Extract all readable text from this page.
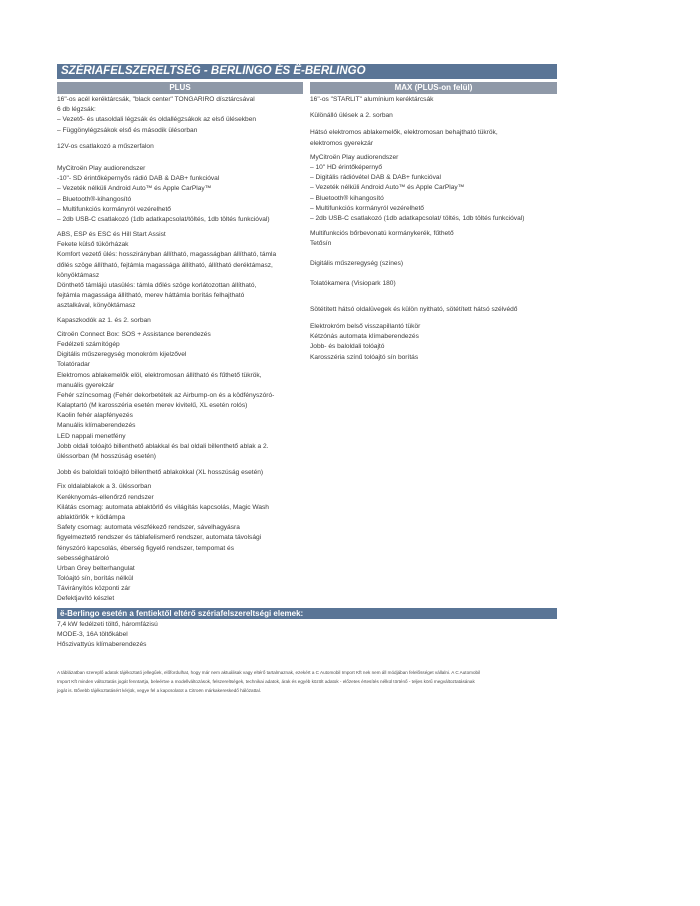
SZÉRIAFELSZERELTSÉG - BERLINGO ÉS Ë-BERLINGO
PLUS	MAX (PLUS-on felül)
16"-os acél keréktárcsák, "black center" TONGARIRO dísztárcsával
6 db légzsák:
– Vezető- és utasoldali légzsák és oldallégzsákok az első ülésekben
– Függönylégzsákok első és második ülésorban
12V-os csatlakozó a műszerfalon
MyCitroën Play audiorendszer
-10"- SD érintőképernyős rádió DAB & DAB+ funkcióval
– Vezeték nélküli Android Auto™ és Apple CarPlay™
– Bluetooth®-kihangosító
– Multifunkciós kormányról vezérelhető
– 2db USB-C csatlakozó (1db adatkapcsolat/töltés, 1db töltés funkcióval)
ABS, ESP és ESC és Hill Start Assist
Fekete külső tükörházak
Komfort vezető ülés: hosszirányban állítható, magasságban állítható, támla
dőlés szöge állítható, fejtámla magassága állítható, állítható deréktámasz,
könyöktámasz
Dönthető támlájú utasülés: támla dőlés szöge korlátozottan állítható,
fejtámla magassága állítható, merev háttámla borítás felhajtható
asztalkával, könyöktámasz
Kapaszkodók az 1. és 2. sorban
Citroën Connect Box: SOS + Assistance berendezés
Fedélzeti számítógép
Digitális műszeregység monokróm kijelzővel
Tolatóradar
Elektromos ablakemelők elöl, elektromosan állítható és fűthető tükrök,
manuális gyerekzár
Fehér színcsomag (Fehér dekorbetétek az Airbump-on és a ködfényszóró-
Kalaptartó (M karosszéria esetén merev kivitelű, XL esetén rolós)
Kaolin fehér alapfényezés
Manuális klímaberendezés
LED nappali menetfény
Jobb oldali tolóajtó billenthető ablakkal és bal oldali billenthető ablak a 2.
üléssorban (M hosszúság esetén)
Jobb és baloldali tolóajtó billenthető ablakokkal (XL hosszúság esetén)
Fix oldalablakok a 3. üléssorban
Keréknyomás-ellenőrző rendszer
Kilátás csomag: automata ablaktörlő és világítás kapcsolás, Magic Wash
ablaktörlők + ködlámpa
Safety csomag: automata vészfékező rendszer, sávelhagyásra
figyelmeztető rendszer és táblafelismerő rendszer, automata távolsági
fényszóró kapcsolás, éberség figyelő rendszer, tempomat és
sebességhatároló
Urban Grey belterhangulat
Tolóajtó sín, borítás nélkül
Távirányítós központi zár
Defektjavító készlet
16"-os "STARLIT" alumínium keréktárcsák
Különálló ülések a 2. sorban
Hátsó elektromos ablakemelők, elektromosan behajtható tükrök,
elektromos gyerekzár
MyCitroën Play audiorendszer
– 10" HD érintőképernyő
– Digitális rádióvétel DAB & DAB+ funkcióval
– Vezeték nélküli Android Auto™ és Apple CarPlay™
– Bluetooth® kihangosító
– Multifunkciós kormányról vezérelhető
– 2db USB-C csatlakozó (1db adatkapcsolat/ töltés, 1db töltés funkcióval)
Multifunkciós bőrbevonatú kormánykerék, fűthető
Tetősín
Digitális műszeregység (színes)
Tolatókamera (Visiopark 180)
Sötétített hátsó oldalüvegek és külön nyitható, sötétített hátsó szélvédő
Elektrokróm belső visszapillantó tükör
Kétzónás automata klímaberendezés
Jobb- és baloldali tolóajtó
Karosszéria színű tolóajtó sín borítás
ë-Berlingo esetén a fentiektől eltérő szériafelszereltségi elemek:
7,4 kW fedélzeti töltő, háromfázisú
MODE-3, 16A töltőkábel
Hőszivattyús klímaberendezés
A táblázatban szereplő adatok tájékoztató jellegűek, előfordulhat, hogy már nem aktuálisak vagy eltérő tartalmaznak, ezekért a C Automobil Import Kft nek nem áll módjában felelősséget vállalni. A C Automobil
Import Kft minden változtatás jogát fenntartja, beleértve a modellváltozások, felszereltségek, technikai adatok, árak és egyéb közölt adatok - előzetes értesítés nélkül történő - teljes körű megváltoztatásának
jogát is. Bővebb tájékoztatásért kérjük, vegye fel a kapcsolatot a Citroën márkakereskedő hálózattal.
